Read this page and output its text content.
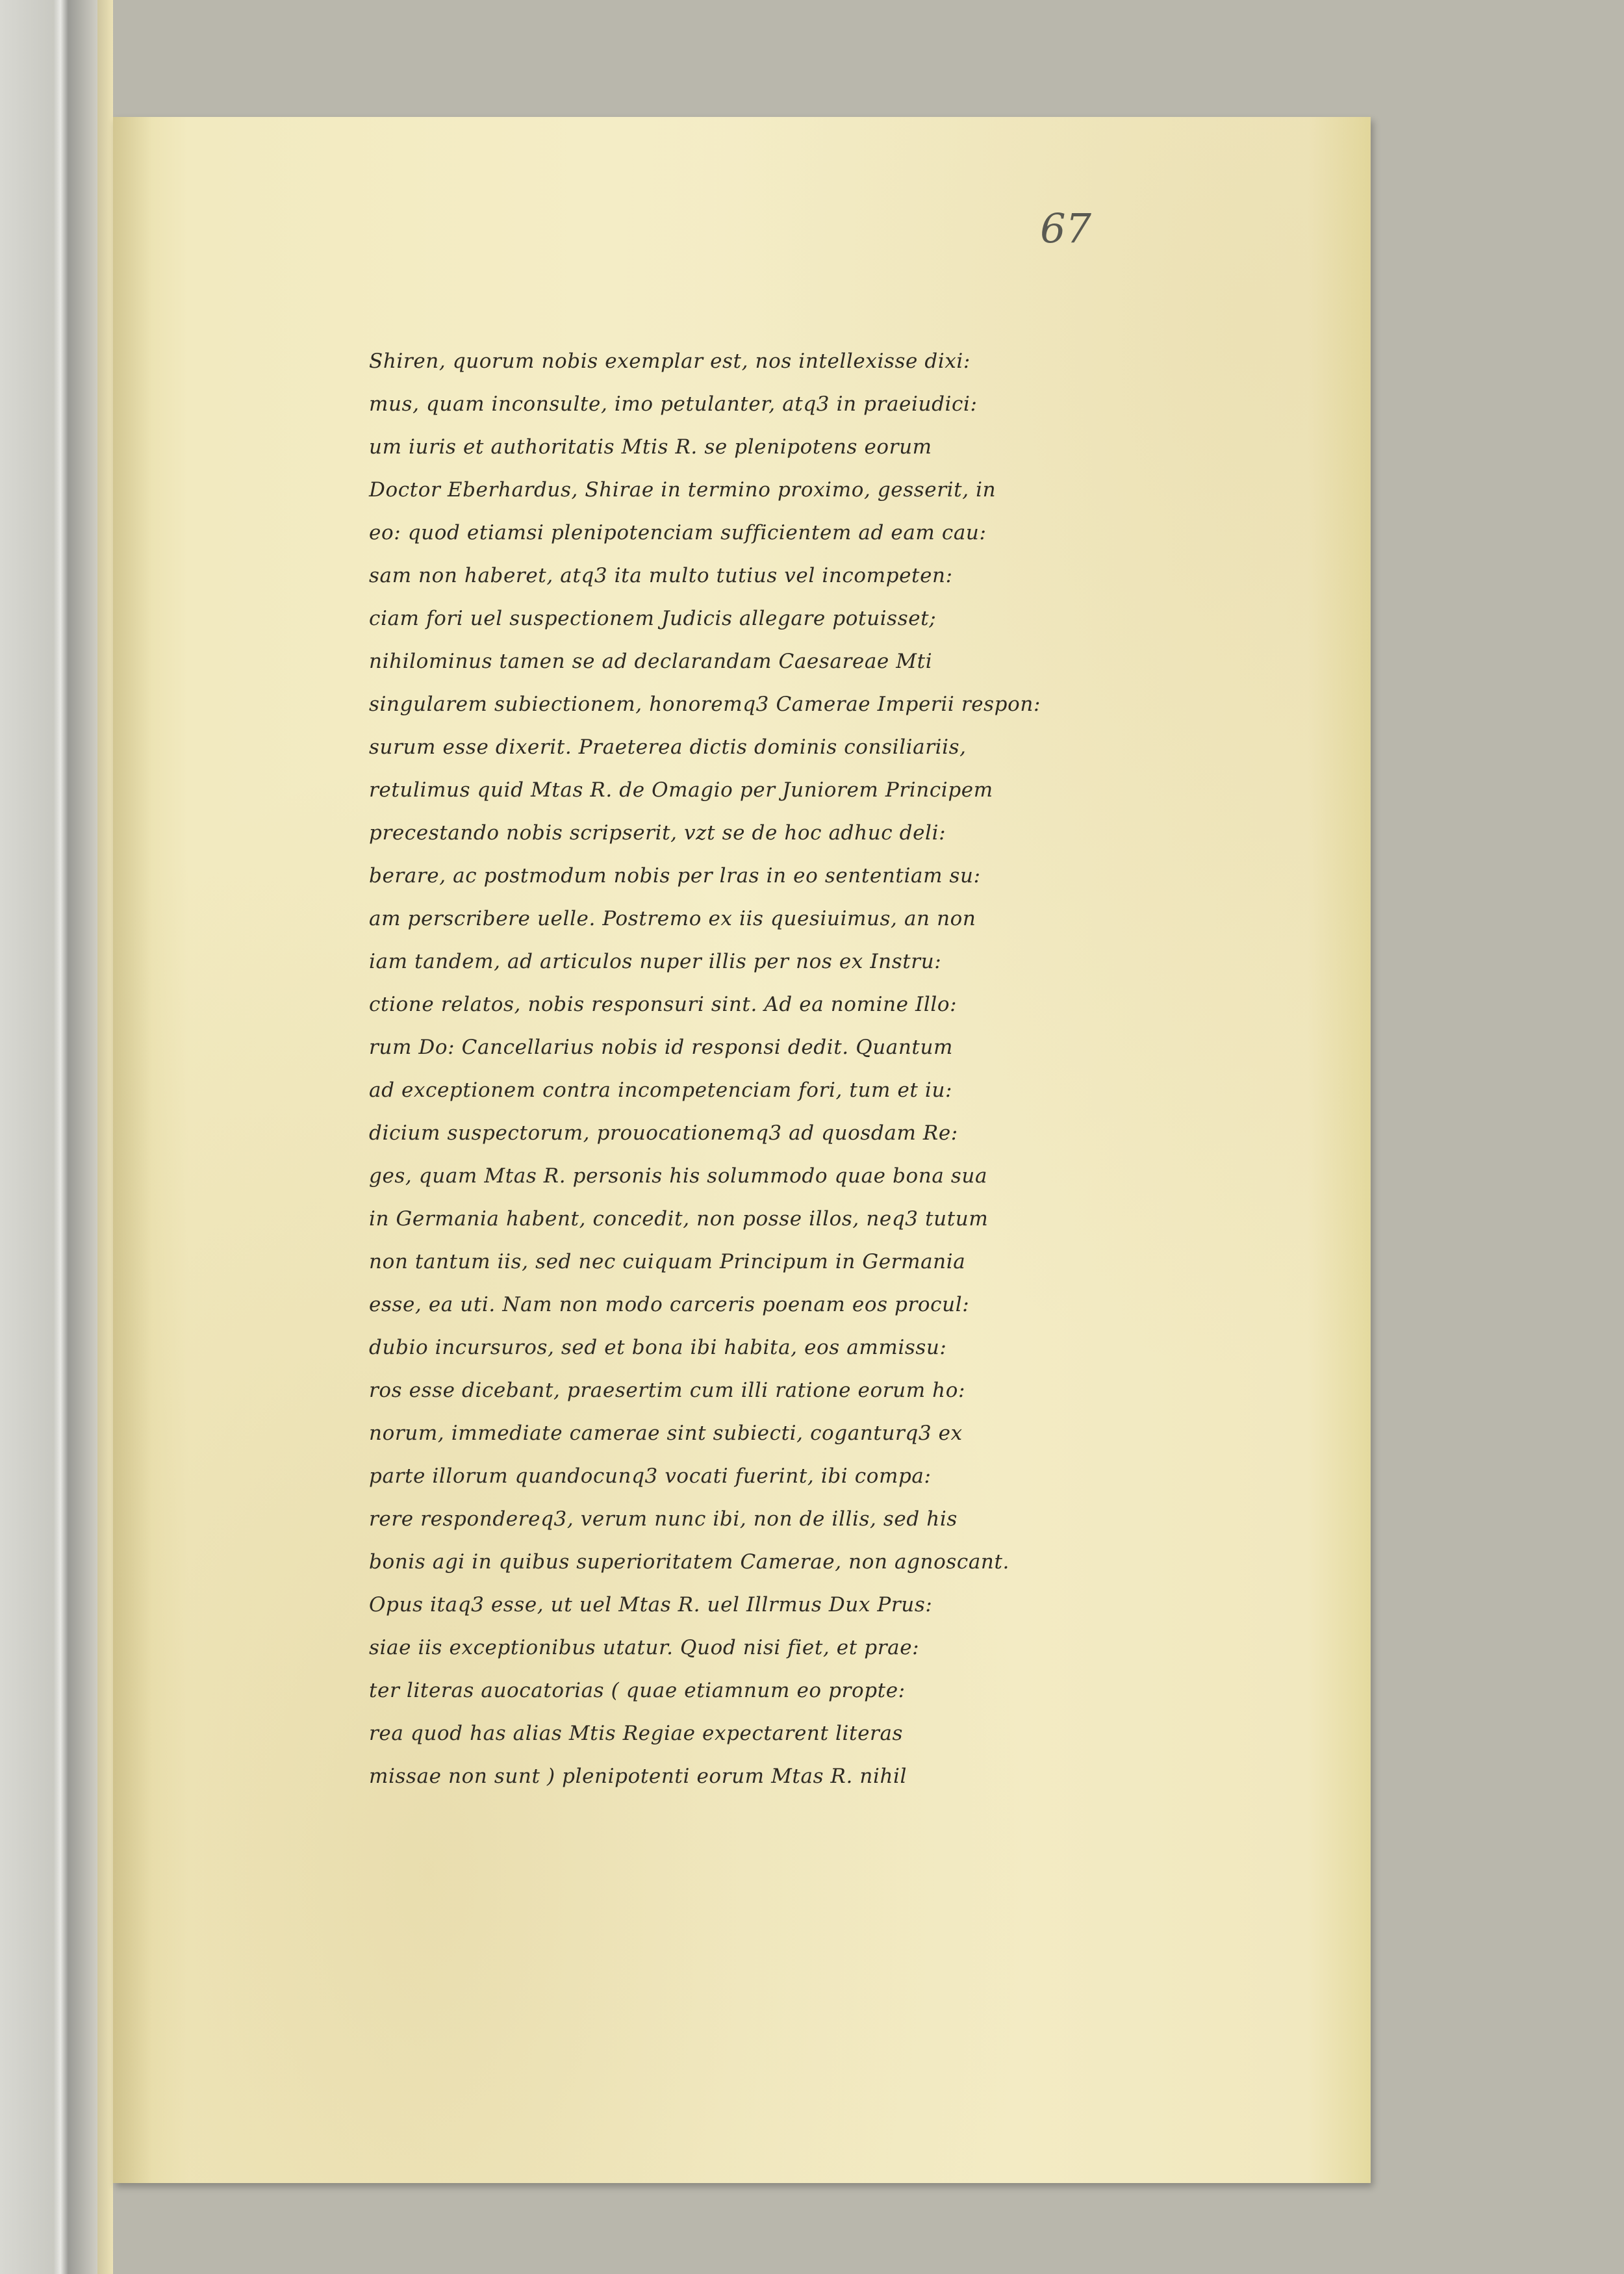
67
Shiren, quorum nobis exemplar est, nos intellexisse dixi:
mus, quam inconsulte, imo petulanter, atq3 in praeiudici:
um iuris et authoritatis Mtis R. se plenipotens eorum
Doctor Eberhardus, Shirae in termino proximo, gesserit, in
eo: quod etiamsi plenipotenciam sufficientem ad eam cau:
sam non haberet, atq3 ita multo tutius vel incompeten:
ciam fori uel suspectionem Judicis allegare potuisset;
nihilominus tamen se ad declarandam Caesareae Mti
singularem subiectionem, honoremq3 Camerae Imperii respon:
surum esse dixerit. Praeterea dictis dominis consiliariis,
retulimus quid Mtas R. de Omagio per Juniorem Principem
precestando nobis scripserit, vzt se de hoc adhuc deli:
berare, ac postmodum nobis per lras in eo sententiam su:
am perscribere uelle. Postremo ex iis quesiuimus, an non
iam tandem, ad articulos nuper illis per nos ex Instru:
ctione relatos, nobis responsuri sint. Ad ea nomine Illo:
rum Do: Cancellarius nobis id responsi dedit. Quantum
ad exceptionem contra incompetenciam fori, tum et iu:
dicium suspectorum, prouocationemq3 ad quosdam Re:
ges, quam Mtas R. personis his solummodo quae bona sua
in Germania habent, concedit, non posse illos, neq3 tutum
non tantum iis, sed nec cuiquam Principum in Germania
esse, ea uti. Nam non modo carceris poenam eos procul:
dubio incursuros, sed et bona ibi habita, eos ammissu:
ros esse dicebant, praesertim cum illi ratione eorum ho:
norum, immediate camerae sint subiecti, coganturq3 ex
parte illorum quandocunq3 vocati fuerint, ibi compa:
rere respondereq3, verum nunc ibi, non de illis, sed his
bonis agi in quibus superioritatem Camerae, non agnoscant.
Opus itaq3 esse, ut uel Mtas R. uel Illrmus Dux Prus:
siae iis exceptionibus utatur. Quod nisi fiet, et prae:
ter literas auocatorias ( quae etiamnum eo propte:
rea quod has alias Mtis Regiae expectarent literas
missae non sunt ) plenipotenti eorum Mtas R. nihil
